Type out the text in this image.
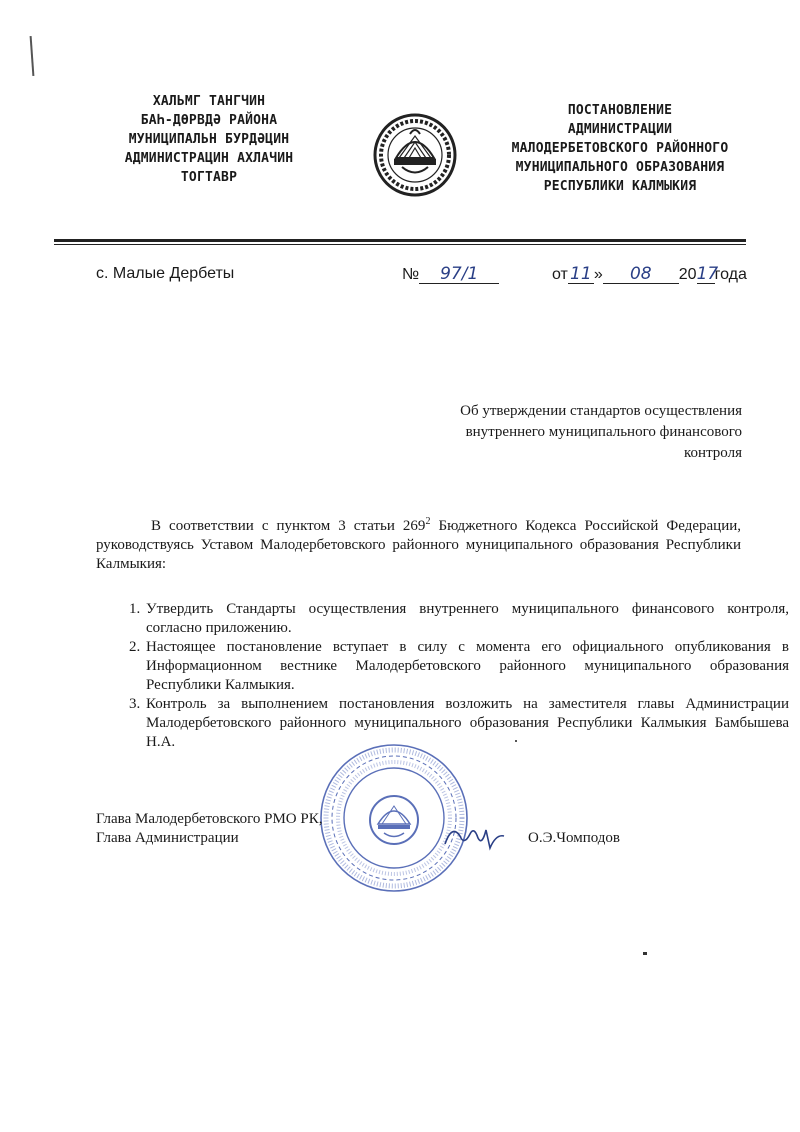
ХАЛЬМГ ТАНГЧИН
БАҺ-ДӨРВДӘ РАЙОНА
МУНИЦИПАЛЬН БУРДӘЦИН
АДМИНИСТРАЦИН АХЛАЧИН
ТОГТАВР
ПОСТАНОВЛЕНИЕ
АДМИНИСТРАЦИИ
МАЛОДЕРБЕТОВСКОГО РАЙОННОГО
МУНИЦИПАЛЬНОГО ОБРАЗОВАНИЯ
РЕСПУБЛИКИ КАЛМЫКИЯ
с. Малые Дербеты	№ 97/1	от 11 » 08 2017года
Об утверждении стандартов осуществления
внутреннего муниципального финансового
контроля
В соответствии с пунктом 3 статьи $269^2$ Бюджетного Кодекса Российской Федерации, руководствуясь Уставом Малодербетовского районного муниципального образования Республики Калмыкия:
1. Утвердить Стандарты осуществления внутреннего муниципального финансового контроля, согласно приложению.
2. Настоящее постановление вступает в силу с момента его официального опубликования в Информационном вестнике Малодербетовского районного муниципального образования Республики Калмыкия.
3. Контроль за выполнением постановления возложить на заместителя главы Администрации Малодербетовского районного муниципального образования Республики Калмыкия Бамбышева Н.А.
Глава Малодербетовского РМО РК,
Глава Администрации	О.Э.Чомподов
